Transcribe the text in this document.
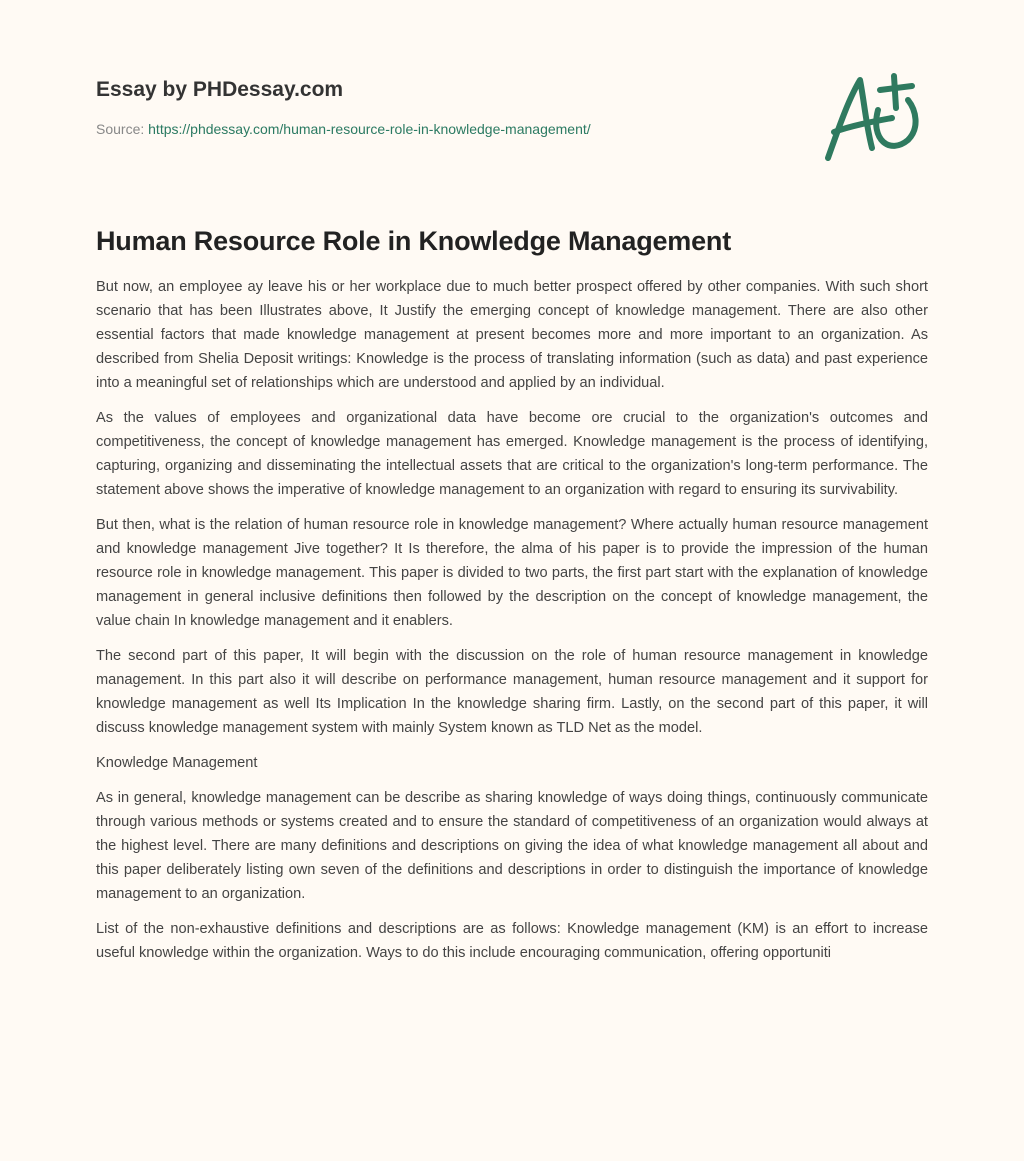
Essay by PHDessay.com

Source: https://phdessay.com/human-resource-role-in-knowledge-management/
Human Resource Role in Knowledge Management

But now, an employee ay leave his or her workplace due to much better prospect offered by other companies. With such short scenario that has been Illustrates above, It Justify the emerging concept of knowledge management. There are also other essential factors that made knowledge management at present becomes more and more important to an organization. As described from Shelia Deposit writings: Knowledge is the process of translating information (such as data) and past experience into a meaningful set of relationships which are understood and applied by an individual.

As the values of employees and organizational data have become ore crucial to the organization's outcomes and competitiveness, the concept of knowledge management has emerged. Knowledge management is the process of identifying, capturing, organizing and disseminating the intellectual assets that are critical to the organization's long-term performance. The statement above shows the imperative of knowledge management to an organization with regard to ensuring its survivability.

But then, what is the relation of human resource role in knowledge management? Where actually human resource management and knowledge management Jive together? It Is therefore, the alma of his paper is to provide the impression of the human resource role in knowledge management. This paper is divided to two parts, the first part start with the explanation of knowledge management in general inclusive definitions then followed by the description on the concept of knowledge management, the value chain In knowledge management and it enablers.

The second part of this paper, It will begin with the discussion on the role of human resource management in knowledge management. In this part also it will describe on performance management, human resource management and it support for knowledge management as well Its Implication In the knowledge sharing firm. Lastly, on the second part of this paper, it will discuss knowledge management system with mainly System known as TLD Net as the model.

Knowledge Management

As in general, knowledge management can be describe as sharing knowledge of ways doing things, continuously communicate through various methods or systems created and to ensure the standard of competitiveness of an organization would always at the highest level. There are many definitions and descriptions on giving the idea of what knowledge management all about and this paper deliberately listing own seven of the definitions and descriptions in order to distinguish the importance of knowledge management to an organization.

List of the non-exhaustive definitions and descriptions are as follows: Knowledge management (KM) is an effort to increase useful knowledge within the organization. Ways to do this include encouraging communication, offering opportuniti
